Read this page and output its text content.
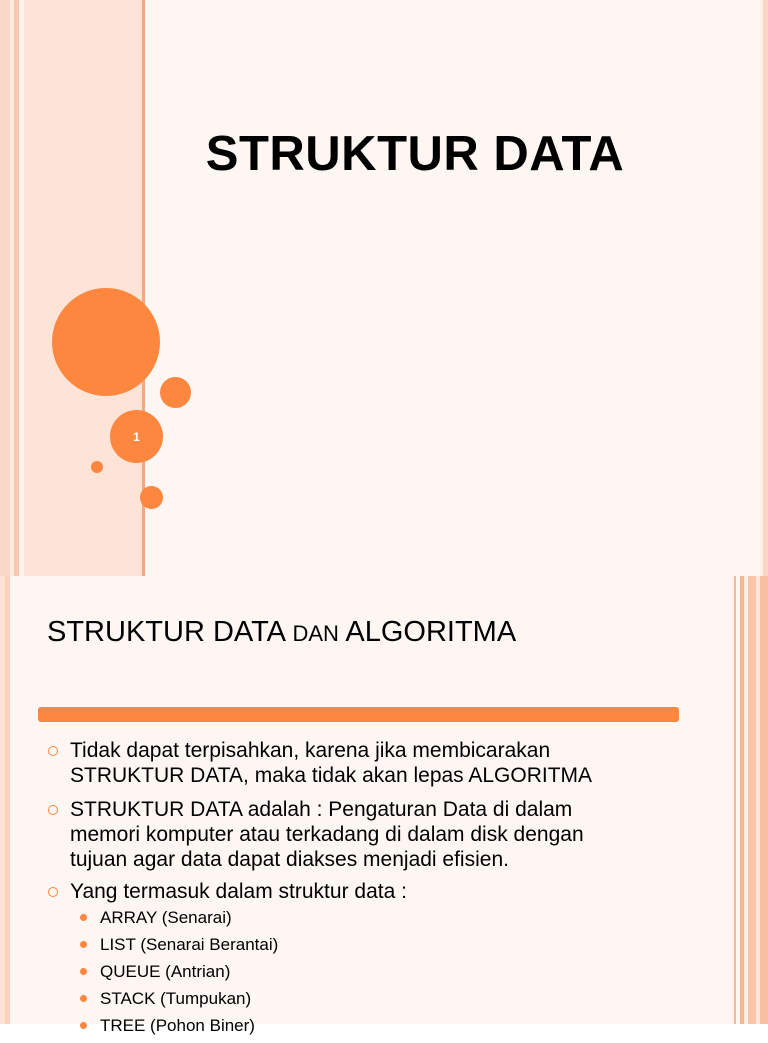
STRUKTUR DATA
1
STRUKTUR DATA DAN ALGORITMA
Tidak dapat terpisahkan, karena jika membicarakan
STRUKTUR DATA, maka tidak akan lepas ALGORITMA
STRUKTUR DATA adalah : Pengaturan Data di dalam
memori komputer atau terkadang di dalam disk dengan
tujuan agar data dapat diakses menjadi efisien.
Yang termasuk dalam struktur data :
ARRAY (Senarai)
LIST (Senarai Berantai)
QUEUE (Antrian)
STACK (Tumpukan)
TREE (Pohon Biner)
